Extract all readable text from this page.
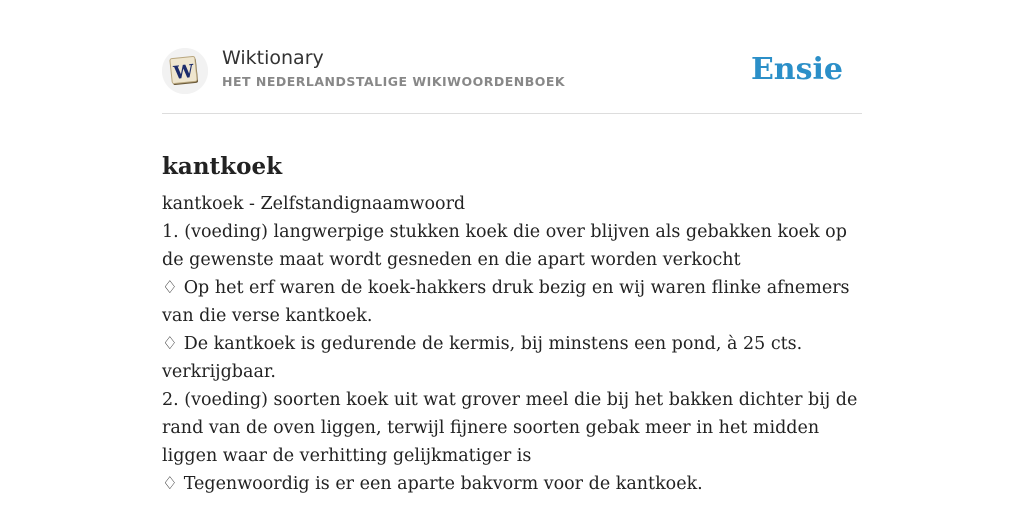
W
Wiktionary
HET NEDERLANDSTALIGE WIKIWOORDENBOEK	Ensie
kantkoek
kantkoek - Zelfstandignaamwoord
1. (voeding) langwerpige stukken koek die over blijven als gebakken koek op de gewenste maat wordt gesneden en die apart worden verkocht
♢ Op het erf waren de koek-hakkers druk bezig en wij waren flinke afnemers van die verse kantkoek.
♢ De kantkoek is gedurende de kermis, bij minstens een pond, à 25 cts. verkrijgbaar.
2. (voeding) soorten koek uit wat grover meel die bij het bakken dichter bij de rand van de oven liggen, terwijl fijnere soorten gebak meer in het midden liggen waar de verhitting gelijkmatiger is
♢ Tegenwoordig is er een aparte bakvorm voor de kantkoek.
